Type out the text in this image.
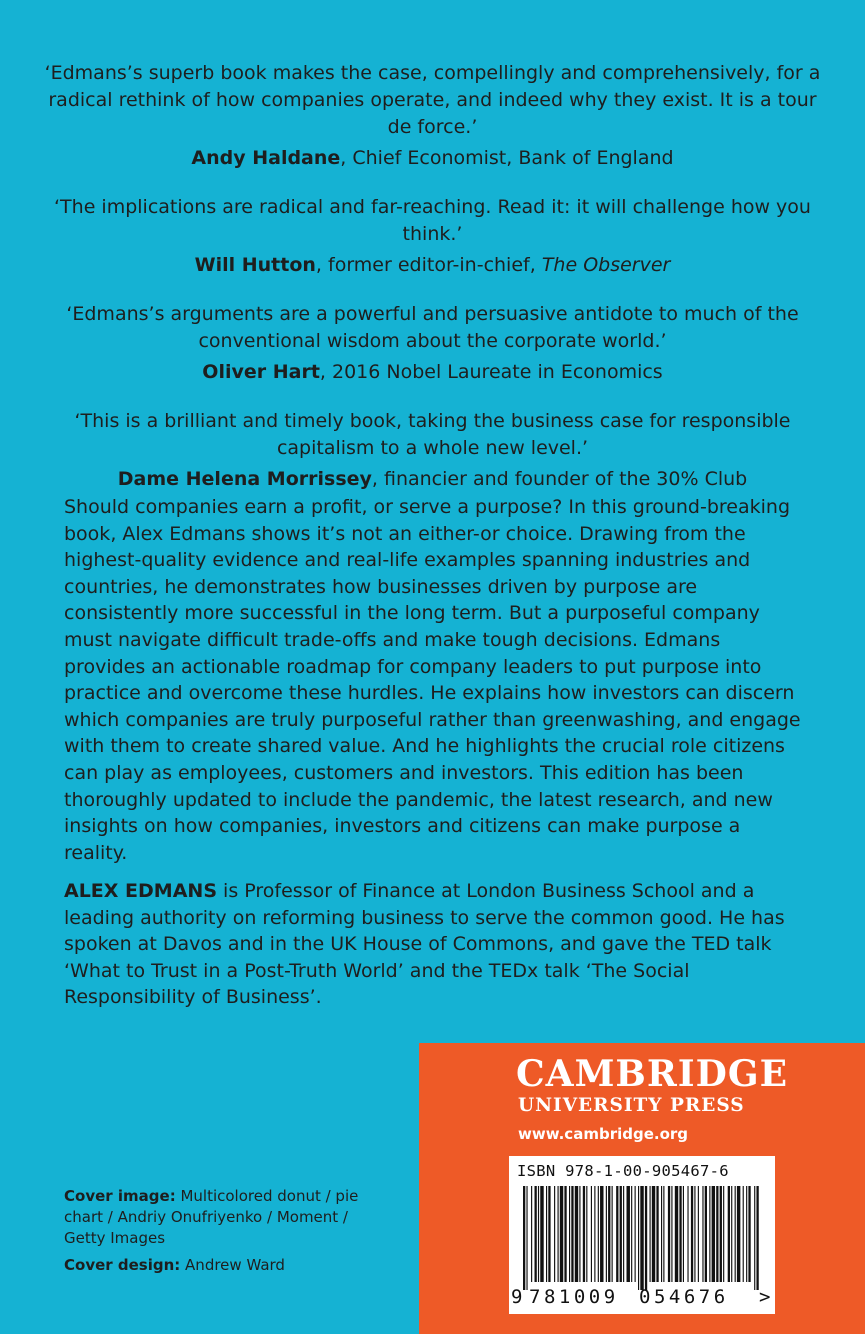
‘Edmans’s superb book makes the case, compellingly and comprehensively, for a radical rethink of how companies operate, and indeed why they exist. It is a tour de force.’

Andy Haldane, Chief Economist, Bank of England

‘The implications are radical and far-reaching. Read it: it will challenge how you think.’

Will Hutton, former editor-in-chief, The Observer

‘Edmans’s arguments are a powerful and persuasive antidote to much of the conventional wisdom about the corporate world.’

Oliver Hart, 2016 Nobel Laureate in Economics

‘This is a brilliant and timely book, taking the business case for responsible capitalism to a whole new level.’

Dame Helena Morrissey, financier and founder of the 30% Club

Should companies earn a profit, or serve a purpose? In this ground-breaking book, Alex Edmans shows it’s not an either-or choice. Drawing from the highest-quality evidence and real-life examples spanning industries and countries, he demonstrates how businesses driven by purpose are consistently more successful in the long term. But a purposeful company must navigate difficult trade-offs and make tough decisions. Edmans provides an actionable roadmap for company leaders to put purpose into practice and overcome these hurdles. He explains how investors can discern which companies are truly purposeful rather than greenwashing, and engage with them to create shared value. And he highlights the crucial role citizens can play as employees, customers and investors. This edition has been thoroughly updated to include the pandemic, the latest research, and new insights on how companies, investors and citizens can make purpose a reality.

ALEX EDMANS is Professor of Finance at London Business School and a leading authority on reforming business to serve the common good. He has spoken at Davos and in the UK House of Commons, and gave the TED talk ‘What to Trust in a Post-Truth World’ and the TEDx talk ‘The Social Responsibility of Business’.

Cover image: Multicolored donut / pie chart / Andriy Onufriyenko / Moment / Getty Images

Cover design: Andrew Ward

CAMBRIDGE
UNIVERSITY PRESS
www.cambridge.org
ISBN 978-1-00-905467-6
9 781009 054676 >
